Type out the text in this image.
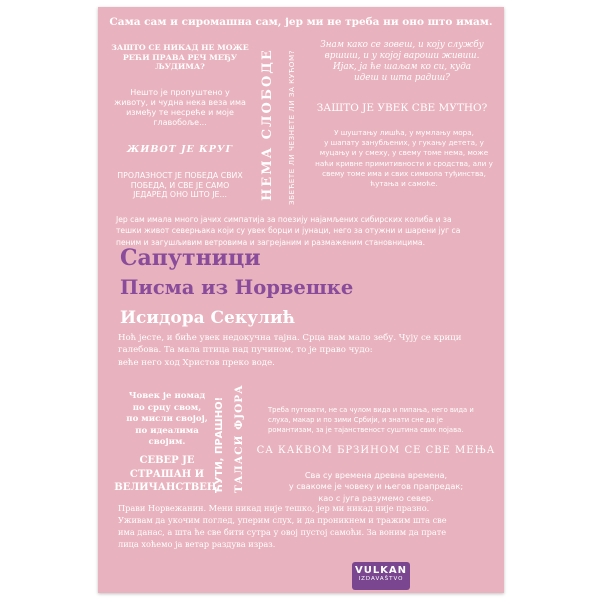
Сама сам и сиромашна сам, јер ми не треба ни оно што имам.
ЗАШТО СЕ НИКАД НЕ МОЖЕ
РЕЋИ ПРАВА РЕЧ МЕЂУ
ЉУДИМА?
Нешто је пропуштено у
животу, и чудна нека веза има
између те несреће и моје
главобоље...
ЖИВОТ ЈЕ КРУГ
ПРОЛАЗНОСТ ЈЕ ПОБЕДА СВИХ
ПОБЕДА, И СВЕ ЈЕ САМО
ЈЕДАРЕД ОНО ШТО ЈЕ...	НЕМА СЛОБОДЕ ЗБЕЋЕТЕ ЛИ ЧЕЗНЕТЕ ЛИ ЗА КУЋОМ?
Знам како се зовеш, и коју службу
вршиш, и у којој вароши живиш.
Ијак, ја ће шаљам ко си, куда
идеш и шта радиш?
ЗАШТО ЈЕ УВЕК СВЕ МУТНО?
У шуштању лишћа, у мумлању мора,
у шапату занубљених, у гукању детета, у
муцању и у смеху, у свему томе нема, може
наћи кривне примитивности и сродства, али у
свему томе има и свих символа туђинства,
ћутања и самоће.
Јер сам имала много јачих симпатија за поезију најамљених сибирских колиба и за
тешки живот северњака који су увек борци и јунаци, него за отужни и шарени југ са
пеним и загушљивим ветровима и загрејаним и размаженим становницима.
Сапутници
Писма из Норвешке
Исидора Секулић
Ноћ јесте, и биће увек недокучна тајна. Срца нам мало зебу. Чују се крици
галебова. Та мала птица над пучином, то је право чудо:
веће него ход Христов преко воде.
Човек је номад
по срцу свом,
по мисли својој,
по идеалима
својим.
СЕВЕР ЈЕ
СТРАШАН И
ВЕЛИЧАНСТВЕН.
ЋУТИ, ПРАШНО! ТАЛАСИ ФЈОРА	Треба путовати, не са чулом вида и пипања, него вида и
слуха, макар и по зими Србији, и знати сне да је
романтизам, за је тајанственост суштина свих појава.
СА КАКВОМ БРЗИНОМ СЕ СВЕ МЕЊА
Сва су времена древна времена,
у свакоме је човеку и његов прапредак;
као с југа разумемо север.
Прави Норвежанин. Мени никад није тешко, јер ми никад није празно.
Уживам да укочим поглед, уперим слух, и да проникнем и тражим шта све
има данас, а шта ће све бити сутра у овој пустој самоћи. За воним да прате
лица хоћемо ја ветар раздува израз.
VULKAN
IZDAVAŠTVO
